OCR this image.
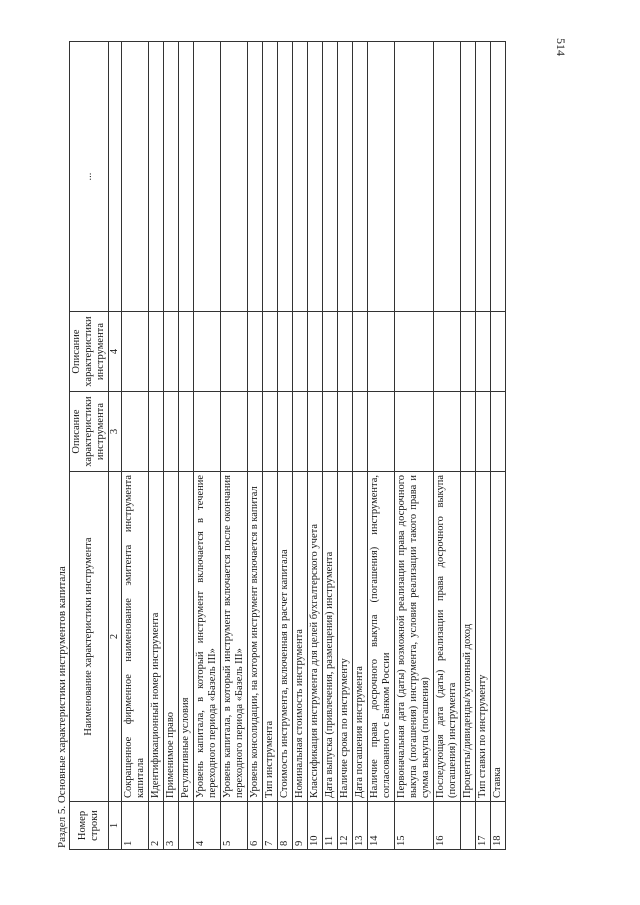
514
Раздел 5. Основные характеристики инструментов капитала Номер строки	Наименование характеристики инструмента	Описание характеристики инструмента	Описание характеристики инструмента	...
1	2	3	4	
1	Сокращенное фирменное наименование эмитента инструмента капитала			
2	Идентификационный номер инструмента			
3	Применимое право			
	Регулятивные условия			
4	Уровень капитала, в который инструмент включается в течение переходного периода «Базель III»			
5	Уровень капитала, в который инструмент включается после окончания переходного периода «Базель III»			
6	Уровень консолидации, на котором инструмент включается в капитал			
7	Тип инструмента			
8	Стоимость инструмента, включенная в расчет капитала			
9	Номинальная стоимость инструмента			
10	Классификация инструмента для целей бухгалтерского учета			
11	Дата выпуска (привлечения, размещения) инструмента			
12	Наличие срока по инструменту			
13	Дата погашения инструмента			
14	Наличие права досрочного выкупа (погашения) инструмента, согласованного с Банком России			
15	Первоначальная дата (даты) возможной реализации права досрочного выкупа (погашения) инструмента, условия реализации такого права и сумма выкупа (погашения)			
16	Последующая дата (даты) реализации права досрочного выкупа (погашения) инструмента			
	Проценты/дивиденды/купонный доход			
17	Тип ставки по инструменту			
18	Ставка			
